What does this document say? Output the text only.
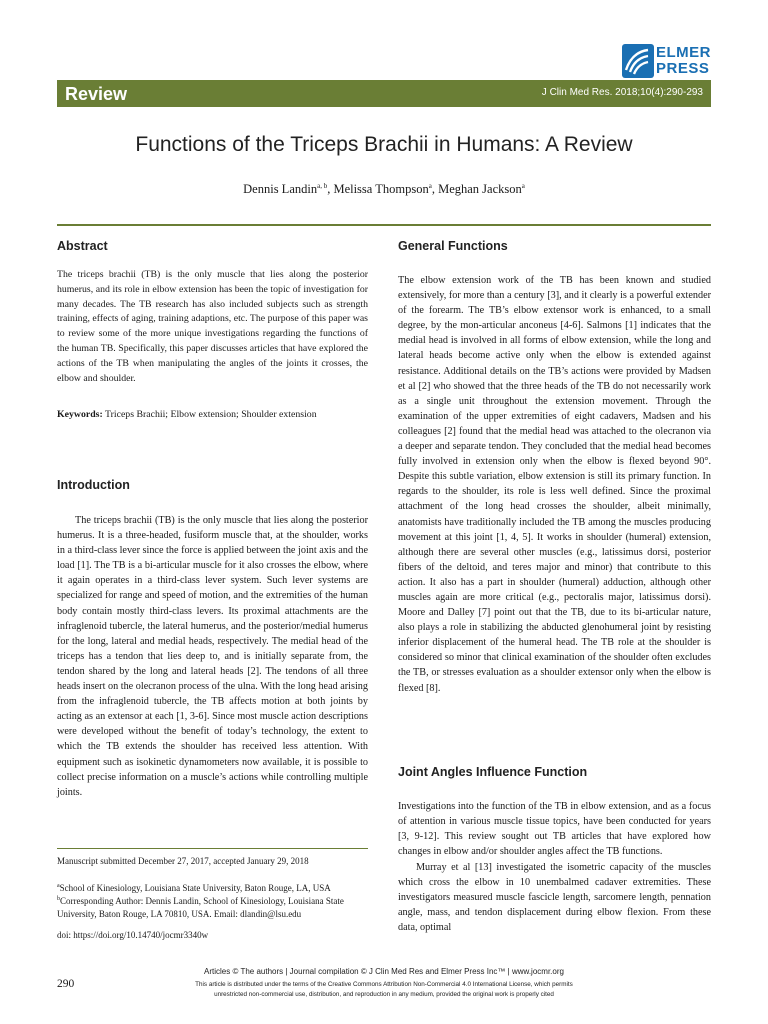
ELMER
PRESS
Review	J Clin Med Res. 2018;10(4):290-293
Functions of the Triceps Brachii in Humans: A Review
Dennis Landin$^{a, b}$, Melissa Thompson$^a$, Meghan Jackson$^a$
Abstract
The triceps brachii (TB) is the only muscle that lies along the posterior humerus, and its role in elbow extension has been the topic of investigation for many decades. The TB research has also included subjects such as strength training, effects of aging, training adaptions, etc. The purpose of this paper was to review some of the more unique investigations regarding the functions of the human TB. Specifically, this paper discusses articles that have explored the actions of the TB when manipulating the angles of the joints it crosses, the elbow and shoulder.
Keywords: Triceps Brachii; Elbow extension; Shoulder extension
Introduction
The triceps brachii (TB) is the only muscle that lies along the posterior humerus. It is a three-headed, fusiform muscle that, at the shoulder, works in a third-class lever since the force is applied between the joint axis and the load [1]. The TB is a bi-articular muscle for it also crosses the elbow, where it again operates in a third-class lever system. Such lever systems are specialized for range and speed of motion, and the extremities of the human body contain mostly third-class levers. Its proximal attachments are the infraglenoid tubercle, the lateral humerus, and the posterior/medial humerus for the long, lateral and medial heads, respectively. The medial head of the triceps has a tendon that lies deep to, and is initially separate from, the tendon shared by the long and lateral heads [2]. The tendons of all three heads insert on the olecranon process of the ulna. With the long head arising from the infraglenoid tubercle, the TB affects motion at both joints by acting as an extensor at each [1, 3-6]. Since most muscle action descriptions were developed without the benefit of today’s technology, the extent to which the TB extends the shoulder has received less attention. With equipment such as isokinetic dynamometers now available, it is possible to collect precise information on a muscle’s actions while controlling multiple joints.
Manuscript submitted December 27, 2017, accepted January 29, 2018
$^a$School of Kinesiology, Louisiana State University, Baton Rouge, LA, USA
$^b$Corresponding Author: Dennis Landin, School of Kinesiology, Louisiana State University, Baton Rouge, LA 70810, USA. Email: dlandin@lsu.edu
doi: https://doi.org/10.14740/jocmr3340w
General Functions
The elbow extension work of the TB has been known and studied extensively, for more than a century [3], and it clearly is a powerful extender of the forearm. The TB’s elbow extensor work is enhanced, to a small degree, by the mon-articular anconeus [4-6]. Salmons [1] indicates that the medial head is involved in all forms of elbow extension, while the long and lateral heads become active only when the elbow is extended against resistance. Additional details on the TB’s actions were provided by Madsen et al [2] who showed that the three heads of the TB do not necessarily work as a single unit throughout the extension movement. Through the examination of the upper extremities of eight cadavers, Madsen and his colleagues [2] found that the medial head was attached to the olecranon via a deeper and separate tendon. They concluded that the medial head becomes fully involved in extension only when the elbow is flexed beyond 90°. Despite this subtle variation, elbow extension is still its primary function. In regards to the shoulder, its role is less well defined. Since the proximal attachment of the long head crosses the shoulder, albeit minimally, anatomists have traditionally included the TB among the muscles producing movement at this joint [1, 4, 5]. It works in shoulder (humeral) extension, although there are several other muscles (e.g., latissimus dorsi, posterior fibers of the deltoid, and teres major and minor) that contribute to this action. It also has a part in shoulder (humeral) adduction, although other muscles again are more critical (e.g., pectoralis major, latissimus dorsi). Moore and Dalley [7] point out that the TB, due to its bi-articular nature, also plays a role in stabilizing the abducted glenohumeral joint by resisting inferior displacement of the humeral head. The TB role at the shoulder is considered so minor that clinical examination of the shoulder often excludes the TB, or stresses evaluation as a shoulder extensor only when the elbow is flexed [8].
Joint Angles Influence Function
Investigations into the function of the TB in elbow extension, and as a focus of attention in various muscle tissue topics, have been conducted for years [3, 9-12]. This review sought out TB articles that have explored how changes in elbow and/or shoulder angles affect the TB functions.
Murray et al [13] investigated the isometric capacity of the muscles which cross the elbow in 10 unembalmed cadaver extremities. These investigators measured muscle fascicle length, sarcomere length, pennation angle, mass, and tendon displacement during elbow flexion. From these data, optimal
Articles © The authors | Journal compilation © J Clin Med Res and Elmer Press Inc™ | www.jocmr.org
This article is distributed under the terms of the Creative Commons Attribution Non-Commercial 4.0 International License, which permits
unrestricted non-commercial use, distribution, and reproduction in any medium, provided the original work is properly cited
290
